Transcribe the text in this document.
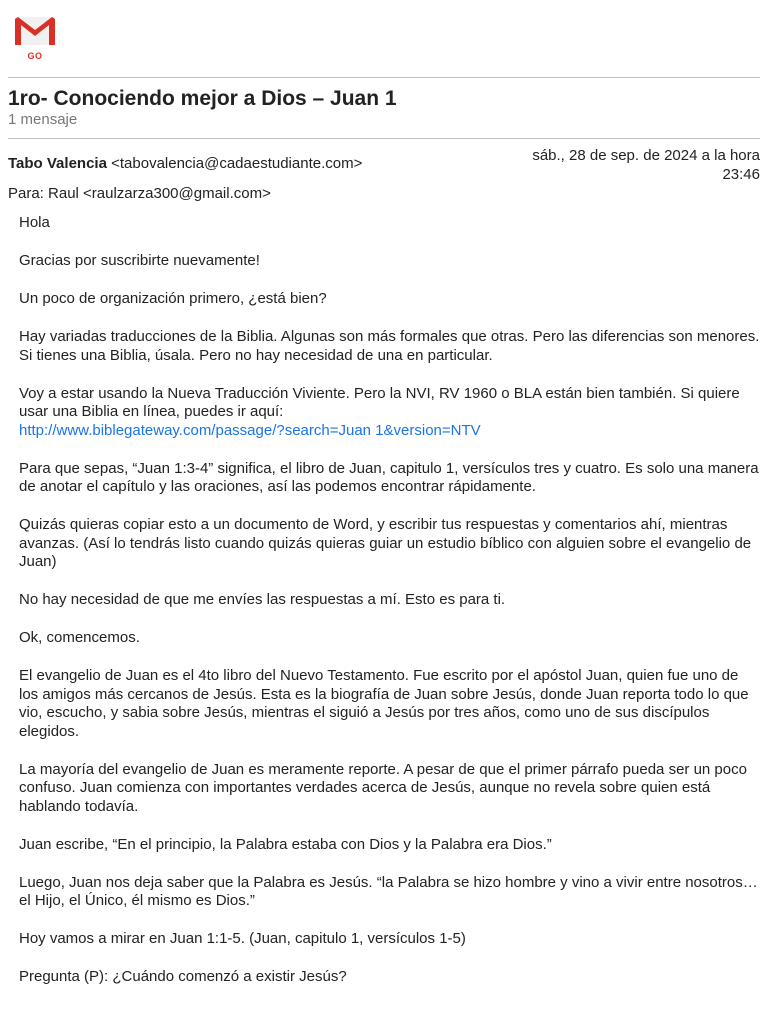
GO
1ro- Conociendo mejor a Dios – Juan 1
1 mensaje
Tabo Valencia <tabovalencia@cadaestudiante.com>	sáb., 28 de sep. de 2024 a la hora
23:46
Para: Raul <raulzarza300@gmail.com>

Hola

Gracias por suscribirte nuevamente!

Un poco de organización primero, ¿está bien?

Hay variadas traducciones de la Biblia. Algunas son más formales que otras. Pero las diferencias son menores. Si tienes una Biblia, úsala. Pero no hay necesidad de una en particular.

Voy a estar usando la Nueva Traducción Viviente. Pero la NVI, RV 1960 o BLA están bien también. Si quiere usar una Biblia en línea, puedes ir aquí:
http://www.biblegateway.com/passage/?search=Juan 1&version=NTV

Para que sepas, “Juan 1:3-4” significa, el libro de Juan, capitulo 1, versículos tres y cuatro. Es solo una manera de anotar el capítulo y las oraciones, así las podemos encontrar rápidamente.

Quizás quieras copiar esto a un documento de Word, y escribir tus respuestas y comentarios ahí, mientras avanzas. (Así lo tendrás listo cuando quizás quieras guiar un estudio bíblico con alguien sobre el evangelio de Juan)

No hay necesidad de que me envíes las respuestas a mí. Esto es para ti.

Ok, comencemos.

El evangelio de Juan es el 4to libro del Nuevo Testamento. Fue escrito por el apóstol Juan, quien fue uno de los amigos más cercanos de Jesús. Esta es la biografía de Juan sobre Jesús, donde Juan reporta todo lo que vio, escucho, y sabia sobre Jesús, mientras el siguió a Jesús por tres años, como uno de sus discípulos elegidos.

La mayoría del evangelio de Juan es meramente reporte. A pesar de que el primer párrafo pueda ser un poco confuso. Juan comienza con importantes verdades acerca de Jesús, aunque no revela sobre quien está hablando todavía.

Juan escribe, “En el principio, la Palabra estaba con Dios y la Palabra era Dios.”

Luego, Juan nos deja saber que la Palabra es Jesús. “la Palabra se hizo hombre y vino a vivir entre nosotros… el Hijo, el Único, él mismo es Dios.”

Hoy vamos a mirar en Juan 1:1-5. (Juan, capitulo 1, versículos 1-5)

Pregunta (P): ¿Cuándo comenzó a existir Jesús?
